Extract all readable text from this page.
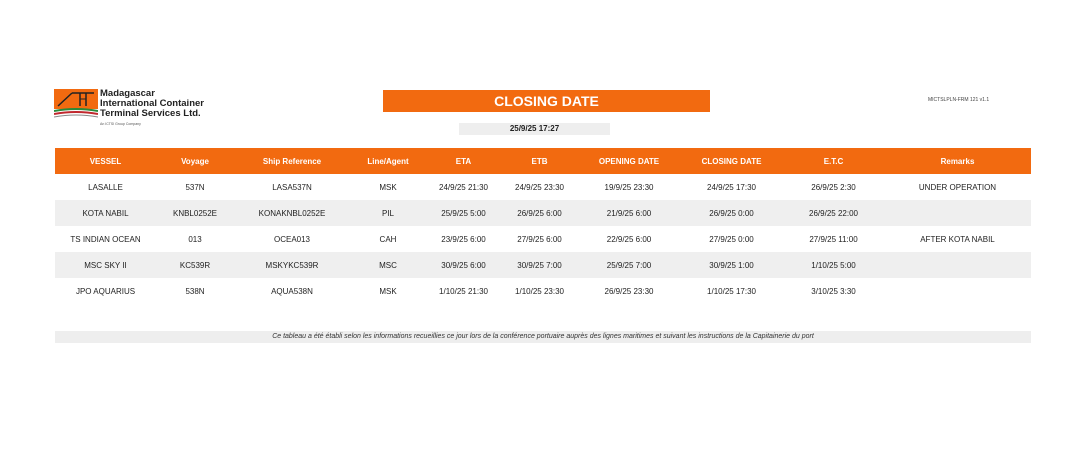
Madagascar
International Container
Terminal Services Ltd.
An ICTSI Group Company
CLOSING DATE
25/9/25 17:27
MICTSLPLN-FRM 121 v1.1
VESSEL	Voyage	Ship Reference	Line/Agent	ETA	ETB	OPENING DATE	CLOSING DATE	E.T.C	Remarks
LASALLE	537N	LASA537N	MSK	24/9/25 21:30	24/9/25 23:30	19/9/25 23:30	24/9/25 17:30	26/9/25 2:30	UNDER OPERATION
KOTA NABIL	KNBL0252E	KONAKNBL0252E	PIL	25/9/25 5:00	26/9/25 6:00	21/9/25 6:00	26/9/25 0:00	26/9/25 22:00	
TS INDIAN OCEAN	013	OCEA013	CAH	23/9/25 6:00	27/9/25 6:00	22/9/25 6:00	27/9/25 0:00	27/9/25 11:00	AFTER KOTA NABIL
MSC SKY II	KC539R	MSKYKC539R	MSC	30/9/25 6:00	30/9/25 7:00	25/9/25 7:00	30/9/25 1:00	1/10/25 5:00	
JPO AQUARIUS	538N	AQUA538N	MSK	1/10/25 21:30	1/10/25 23:30	26/9/25 23:30	1/10/25 17:30	3/10/25 3:30	
Ce tableau a été établi selon les informations recueillies ce jour lors de la conférence portuaire auprès des lignes maritimes et suivant les instructions de la Capitainerie du port
